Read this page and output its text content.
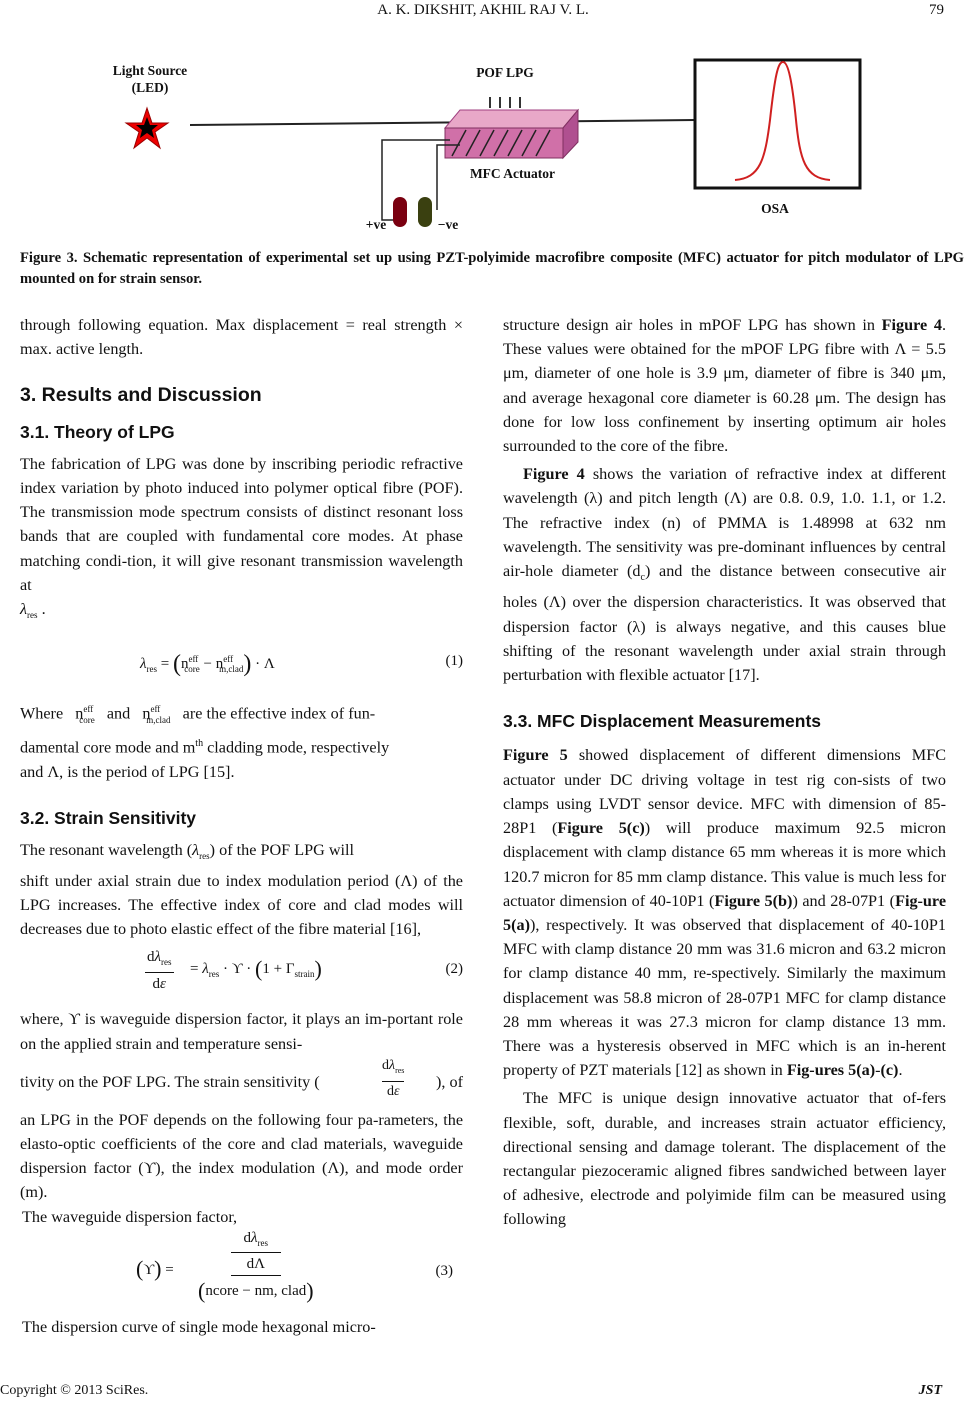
A. K. DIKSHIT, AKHIL RAJ V. L.	79
Light Source
(LED)
POF LPG
MFC Actuator
OSA
+ve	−ve
Figure 3. Schematic representation of experimental set up using PZT-polyimide macrofibre composite (MFC) actuator for pitch modulator of LPG mounted on for strain sensor.

through following equation. Max displacement = real strength × max. active length.

3. Results and Discussion
3.1. Theory of LPG

The fabrication of LPG was done by inscribing periodic refractive index variation by photo induced into polymer optical fibre (POF). The transmission mode spectrum consists of distinct resonant loss bands that are coupled with fundamental core modes. At phase matching condi-tion, it will give resonant transmission wavelength at

$\lambda_{res}$ .
$\lambda_{res} = (n^{eff}_{core} - n^{eff}_{m,clad}) \cdot \Lambda$	(1)
Where   $n^{eff}_{core}$ and   $n^{eff}_{m,clad}$ are the effective index of fun-
damental core mode and $m^{th}$ cladding mode, respectively
and Λ, is the period of LPG [15].
3.2. Strain Sensitivity
The resonant wavelength $(\lambda_{res})$ of the POF LPG will

shift under axial strain due to index modulation period (Λ) of the LPG increases. The effective index of core and clad modes will decreases due to photo elastic effect of the fibre material [16],

$d\lambda_{res}$
dε
= $\lambda_{res} \cdot ϒ \cdot (1 + \Gamma_{strain})$	(2)

where, ϒ is waveguide dispersion factor, it plays an im-portant role on the applied strain and temperature sensi-

tivity on the POF LPG. The strain sensitivity (
$d\lambda_{res}$
dε
), of

an LPG in the POF depends on the following four pa-rameters, the elasto-optic coefficients of the core and clad materials, waveguide dispersion factor (ϒ), the index modulation (Λ), and mode order (m).

The waveguide dispersion factor,

(ϒ) =
$d\lambda_{res}$
dΛ
(ncore − nm, clad)
(3)

The dispersion curve of single mode hexagonal micro-

structure design air holes in mPOF LPG has shown in Figure 4. These values were obtained for the mPOF LPG fibre with Λ = 5.5 μm, diameter of one hole is 3.9 μm, diameter of fibre is 340 μm, and average hexagonal core diameter is 60.28 μm. The design has done for low loss confinement by inserting optimum air holes surrounded to the core of the fibre.

Figure 4 shows the variation of refractive index at different wavelength (λ) and pitch length (Λ) are 0.8. 0.9, 1.0. 1.1, or 1.2. The refractive index (n) of PMMA is 1.48998 at 632 nm wavelength. The sensitivity was pre-dominant influences by central air-hole diameter $(d_c)$ and the distance between consecutive air holes (Λ) over the dispersion characteristics. It was observed that dispersion factor (λ) is always negative, and this causes blue shifting of the resonant wavelength under axial strain through perturbation with flexible actuator [17].

3.3. MFC Displacement Measurements

Figure 5 showed displacement of different dimensions MFC actuator under DC driving voltage in test rig con-sists of two clamps using LVDT sensor device. MFC with dimension of 85-28P1 (Figure 5(c)) will produce maximum 92.5 micron displacement with clamp distance 65 mm whereas it is more which 120.7 micron for 85 mm clamp distance. This value is much less for actuator dimension of 40-10P1 (Figure 5(b)) and 28-07P1 (Fig-ure 5(a)), respectively. It was observed that displacement of 40-10P1 MFC with clamp distance 20 mm was 31.6 micron and 63.2 micron for clamp distance 40 mm, re-spectively. Similarly the maximum displacement was 58.8 micron of 28-07P1 MFC for clamp distance 28 mm whereas it was 27.3 micron for clamp distance 13 mm. There was a hysteresis observed in MFC which is an in-herent property of PZT materials [12] as shown in Fig-ures 5(a)-(c).

The MFC is unique design innovative actuator that of-fers flexible, soft, durable, and increases strain actuator efficiency, directional sensing and damage tolerant. The displacement of the rectangular piezoceramic aligned fibres sandwiched between layer of adhesive, electrode and polyimide film can be measured using following

Copyright © 2013 SciRes.	JST
